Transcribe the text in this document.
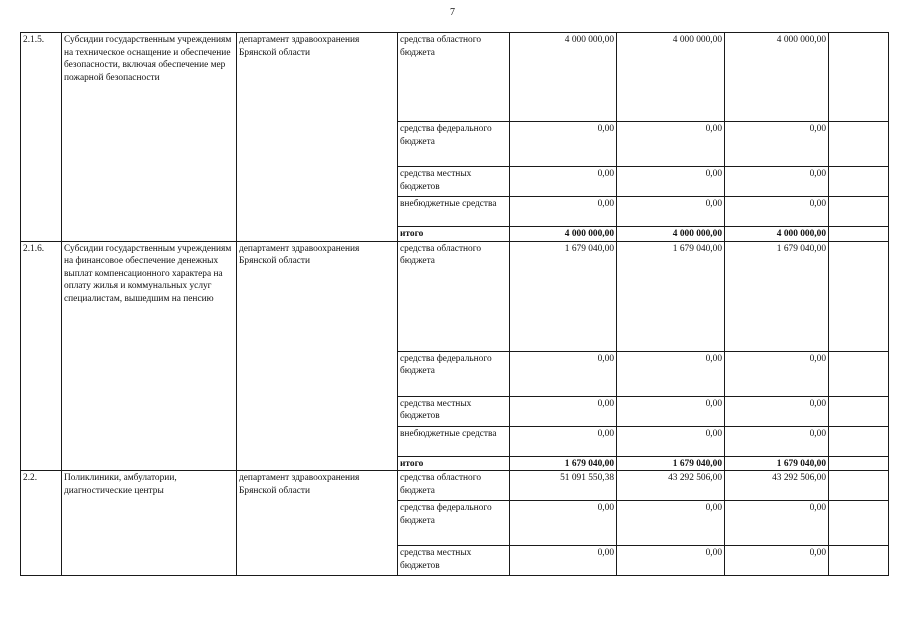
7
2.1.5.	Субсидии государственным учреждениям на техническое оснащение и обеспечение безопасности, включая обеспечение мер пожарной безопасности	департамент здравоохранения Брянской области	средства областного бюджета	4 000 000,00	4 000 000,00	4 000 000,00	
			средства федерального бюджета	0,00	0,00	0,00	
			средства местных бюджетов	0,00	0,00	0,00	
			внебюджетные средства	0,00	0,00	0,00	
			итого	4 000 000,00	4 000 000,00	4 000 000,00	
2.1.6.	Субсидии государственным учреждениям на финансовое обеспечение денежных выплат компенсационного характера на оплату жилья и коммунальных услуг специалистам, вышедшим на пенсию	департамент здравоохранения Брянской области	средства областного бюджета	1 679 040,00	1 679 040,00	1 679 040,00	
			средства федерального бюджета	0,00	0,00	0,00	
			средства местных бюджетов	0,00	0,00	0,00	
			внебюджетные средства	0,00	0,00	0,00	
			итого	1 679 040,00	1 679 040,00	1 679 040,00	
2.2.	Поликлиники, амбулатории, диагностические центры	департамент здравоохранения Брянской области	средства областного бюджета	51 091 550,38	43 292 506,00	43 292 506,00	
			средства федерального бюджета	0,00	0,00	0,00	
			средства местных бюджетов	0,00	0,00	0,00	
